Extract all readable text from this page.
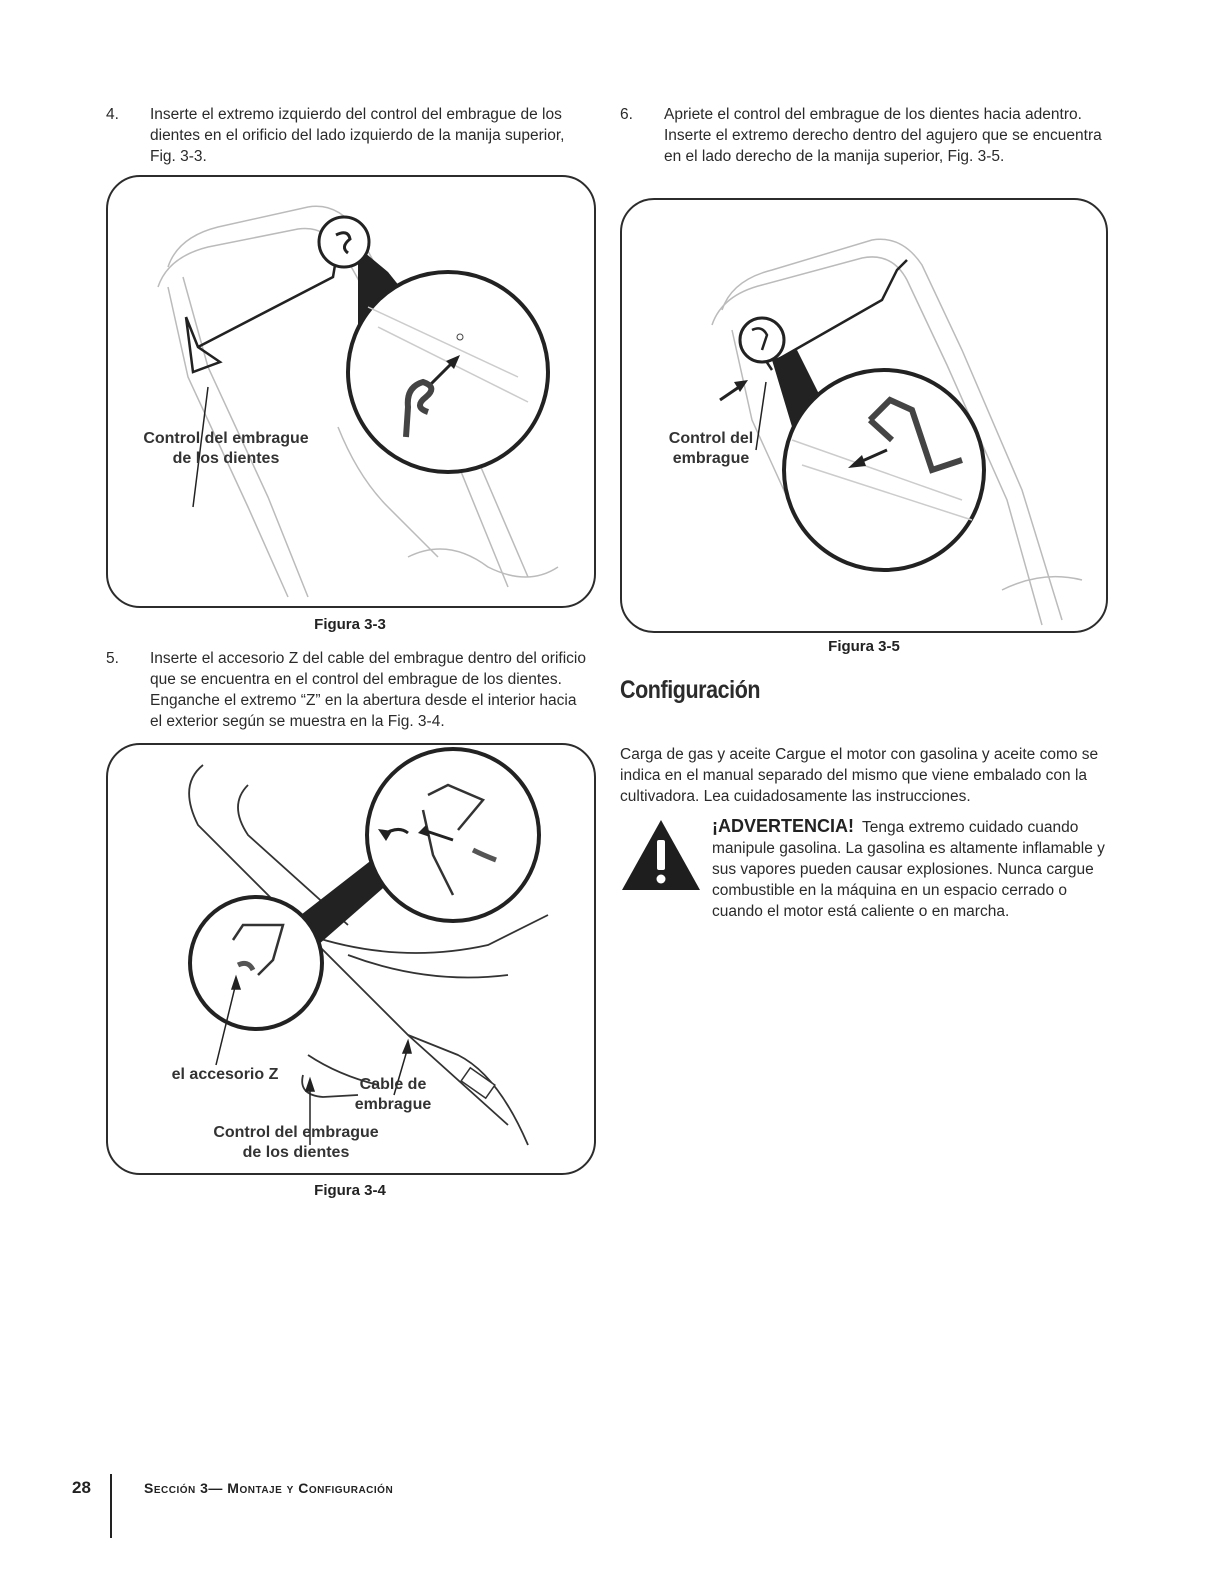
4. Inserte el extremo izquierdo del control del embrague de los dientes en el orificio del lado izquierdo de la manija superior, Fig. 3-3.
Control del embrague
de los dientes
Figura 3-3
5. Inserte el accesorio Z del cable del embrague dentro del orificio que se encuentra en el control del embrague de los dientes. Enganche el extremo “Z” en la abertura desde el interior hacia el exterior según se muestra en la Fig. 3-4.
el accesorio Z
Cable de
embrague
Control del embrague
de los dientes
Figura 3-4
6. Apriete el control del embrague de los dientes hacia adentro. Inserte el extremo derecho dentro del agujero que se encuentra en el lado derecho de la manija superior, Fig. 3-5.
Control del
embrague
Figura 3-5
Configuración
Carga de gas y aceite Cargue el motor con gasolina y aceite como se indica en el manual separado del mismo que viene embalado con la cultivadora. Lea cuidadosamente las instrucciones.
¡ADVERTENCIA! Tenga extremo cuidado cuando manipule gasolina. La gasolina es altamente inflamable y sus vapores pueden causar explosiones. Nunca cargue combustible en la máquina en un espacio cerrado o cuando el motor está caliente o en marcha.
28	Sección 3— Montaje y Configuración
